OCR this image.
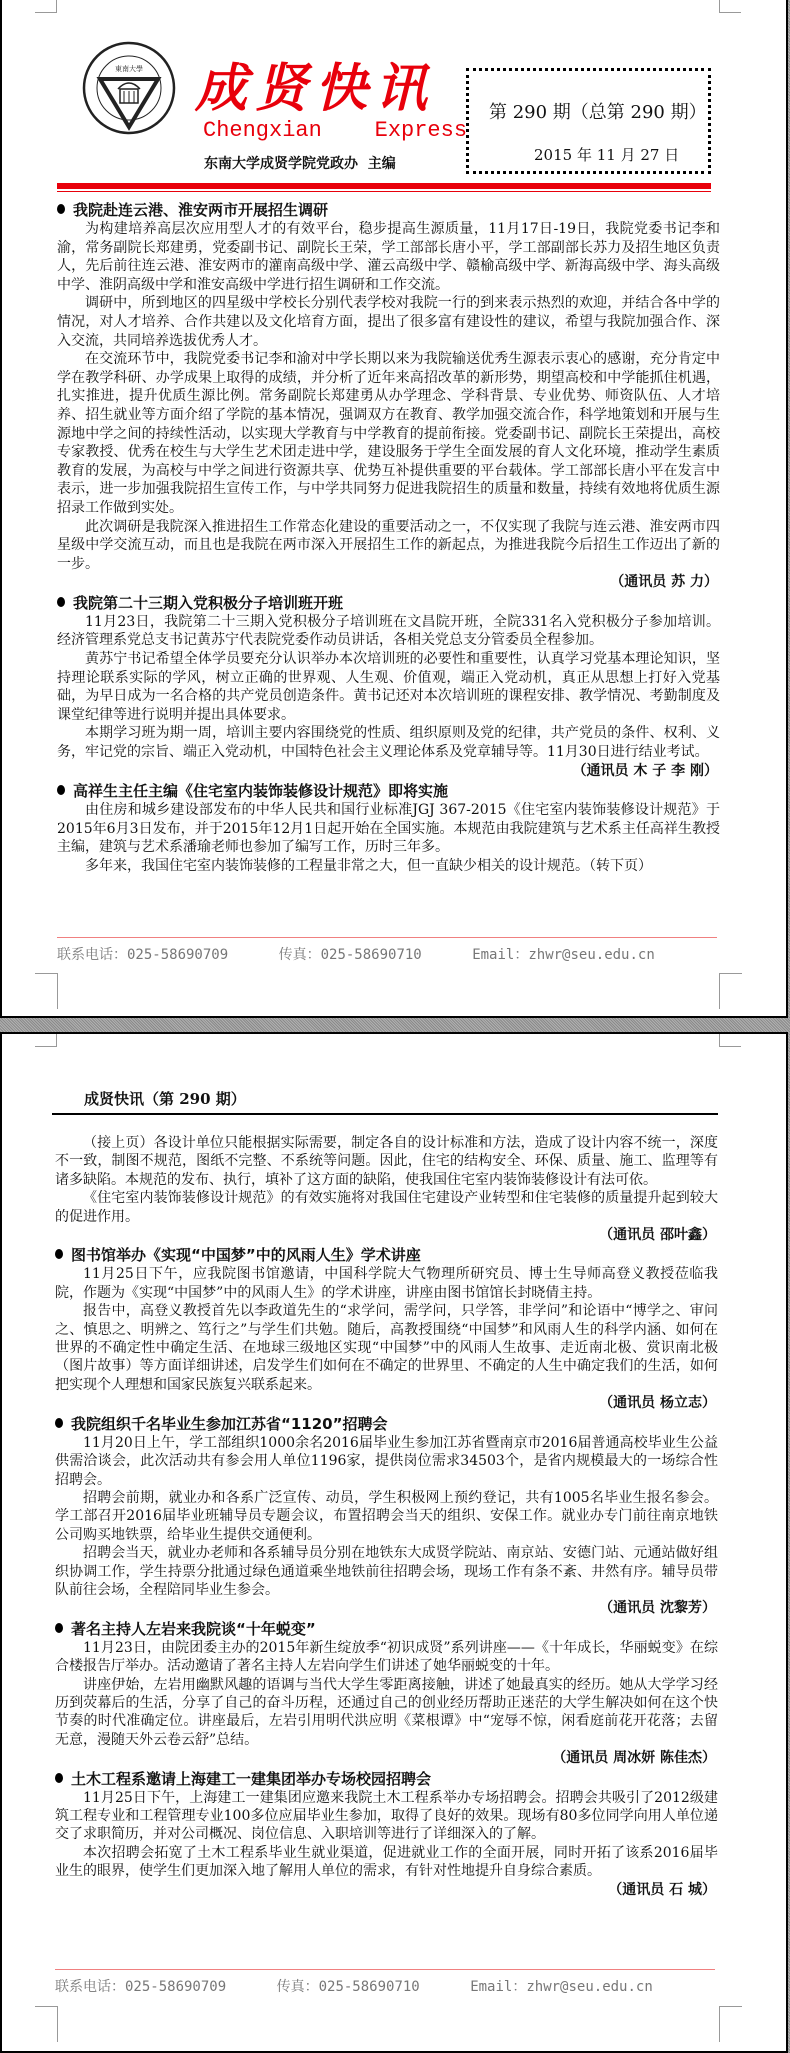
東南大學 成贤快讯
Chengxian    Express
东南大学成贤学院党政办  主编
第 290 期（总第 290 期）
2015 年 11 月 27 日
我院赴连云港、淮安两市开展招生调研

为构建培养高层次应用型人才的有效平台，稳步提高生源质量，11月17日-19日，我院党委书记李和渝，常务副院长郑建勇，党委副书记、副院长王荣，学工部部长唐小平，学工部副部长苏力及招生地区负责人，先后前往连云港、淮安两市的灌南高级中学、灌云高级中学、赣榆高级中学、新海高级中学、海头高级中学、淮阴高级中学和淮安高级中学进行招生调研和工作交流。

调研中，所到地区的四星级中学校长分别代表学校对我院一行的到来表示热烈的欢迎，并结合各中学的情况，对人才培养、合作共建以及文化培育方面，提出了很多富有建设性的建议，希望与我院加强合作、深入交流，共同培养选拔优秀人才。

在交流环节中，我院党委书记李和渝对中学长期以来为我院输送优秀生源表示衷心的感谢，充分肯定中学在教学科研、办学成果上取得的成绩，并分析了近年来高招改革的新形势，期望高校和中学能抓住机遇，扎实推进，提升优质生源比例。常务副院长郑建勇从办学理念、学科背景、专业优势、师资队伍、人才培养、招生就业等方面介绍了学院的基本情况，强调双方在教育、教学加强交流合作，科学地策划和开展与生源地中学之间的持续性活动，以实现大学教育与中学教育的提前衔接。党委副书记、副院长王荣提出，高校专家教授、优秀在校生与大学生艺术团走进中学，建设服务于学生全面发展的育人文化环境，推动学生素质教育的发展，为高校与中学之间进行资源共享、优势互补提供重要的平台载体。学工部部长唐小平在发言中表示，进一步加强我院招生宣传工作，与中学共同努力促进我院招生的质量和数量，持续有效地将优质生源招录工作做到实处。

此次调研是我院深入推进招生工作常态化建设的重要活动之一，不仅实现了我院与连云港、淮安两市四星级中学交流互动，而且也是我院在两市深入开展招生工作的新起点，为推进我院今后招生工作迈出了新的一步。

（通讯员 苏 力）
我院第二十三期入党积极分子培训班开班

11月23日，我院第二十三期入党积极分子培训班在文昌院开班，全院331名入党积极分子参加培训。经济管理系党总支书记黄苏宁代表院党委作动员讲话，各相关党总支分管委员全程参加。

黄苏宁书记希望全体学员要充分认识举办本次培训班的必要性和重要性，认真学习党基本理论知识，坚持理论联系实际的学风，树立正确的世界观、人生观、价值观，端正入党动机，真正从思想上打好入党基础，为早日成为一名合格的共产党员创造条件。黄书记还对本次培训班的课程安排、教学情况、考勤制度及课堂纪律等进行说明并提出具体要求。

本期学习班为期一周，培训主要内容围绕党的性质、组织原则及党的纪律，共产党员的条件、权利、义务，牢记党的宗旨、端正入党动机，中国特色社会主义理论体系及党章辅导等。11月30日进行结业考试。

（通讯员 木 子 李 刚）
高祥生主任主编《住宅室内装饰装修设计规范》即将实施

由住房和城乡建设部发布的中华人民共和国行业标准JGJ 367-2015《住宅室内装饰装修设计规范》于2015年6月3日发布，并于2015年12月1日起开始在全国实施。本规范由我院建筑与艺术系主任高祥生教授主编，建筑与艺术系潘瑜老师也参加了编写工作，历时三年多。

多年来，我国住宅室内装饰装修的工程量非常之大，但一直缺少相关的设计规范。（转下页）

联系电话：025-58690709	传真：025-58690710	Email：zhwr@seu.edu.cn
成贤快讯（第 290 期）

（接上页）各设计单位只能根据实际需要，制定各自的设计标准和方法，造成了设计内容不统一，深度不一致，制图不规范，图纸不完整、不系统等问题。因此，住宅的结构安全、环保、质量、施工、监理等有诸多缺陷。本规范的发布、执行，填补了这方面的缺陷，使我国住宅室内装饰装修设计有法可依。

《住宅室内装饰装修设计规范》的有效实施将对我国住宅建设产业转型和住宅装修的质量提升起到较大的促进作用。

（通讯员 邵叶鑫）
图书馆举办《实现“中国梦”中的风雨人生》学术讲座

11月25日下午，应我院图书馆邀请，中国科学院大气物理所研究员、博士生导师高登义教授莅临我院，作题为《实现“中国梦”中的风雨人生》的学术讲座，讲座由图书馆馆长封晓倩主持。

报告中，高登义教授首先以李政道先生的“求学问，需学问，只学答，非学问”和论语中“博学之、审问之、慎思之、明辨之、笃行之”与学生们共勉。随后，高教授围绕“中国梦”和风雨人生的科学内涵、如何在世界的不确定性中确定生活、在地球三级地区实现“中国梦”中的风雨人生故事、走近南北极、赏识南北极（图片故事）等方面详细讲述，启发学生们如何在不确定的世界里、不确定的人生中确定我们的生活，如何把实现个人理想和国家民族复兴联系起来。

（通讯员 杨立志）
我院组织千名毕业生参加江苏省“1120”招聘会

11月20日上午，学工部组织1000余名2016届毕业生参加江苏省暨南京市2016届普通高校毕业生公益供需洽谈会，此次活动共有参会用人单位1196家，提供岗位需求34503个，是省内规模最大的一场综合性招聘会。

招聘会前期，就业办和各系广泛宣传、动员，学生积极网上预约登记，共有1005名毕业生报名参会。学工部召开2016届毕业班辅导员专题会议，布置招聘会当天的组织、安保工作。就业办专门前往南京地铁公司购买地铁票，给毕业生提供交通便利。

招聘会当天，就业办老师和各系辅导员分别在地铁东大成贤学院站、南京站、安德门站、元通站做好组织协调工作，学生持票分批通过绿色通道乘坐地铁前往招聘会场，现场工作有条不紊、井然有序。辅导员带队前往会场，全程陪同毕业生参会。

（通讯员 沈黎芳）
著名主持人左岩来我院谈“十年蜕变”

11月23日，由院团委主办的2015年新生绽放季“初识成贤”系列讲座——《十年成长，华丽蜕变》在综合楼报告厅举办。活动邀请了著名主持人左岩向学生们讲述了她华丽蜕变的十年。

讲座伊始，左岩用幽默风趣的语调与当代大学生零距离接触，讲述了她最真实的经历。她从大学学习经历到荧幕后的生活，分享了自己的奋斗历程，还通过自己的创业经历帮助正迷茫的大学生解决如何在这个快节奏的时代准确定位。讲座最后，左岩引用明代洪应明《菜根谭》中“宠辱不惊，闲看庭前花开花落；去留无意，漫随天外云卷云舒”总结。

（通讯员 周冰妍 陈佳杰）
土木工程系邀请上海建工一建集团举办专场校园招聘会

11月25日下午，上海建工一建集团应邀来我院土木工程系举办专场招聘会。招聘会共吸引了2012级建筑工程专业和工程管理专业100多位应届毕业生参加，取得了良好的效果。现场有80多位同学向用人单位递交了求职简历，并对公司概况、岗位信息、入职培训等进行了详细深入的了解。

本次招聘会拓宽了土木工程系毕业生就业渠道，促进就业工作的全面开展，同时开拓了该系2016届毕业生的眼界，使学生们更加深入地了解用人单位的需求，有针对性地提升自身综合素质。

（通讯员 石 城）
联系电话：025-58690709	传真：025-58690710	Email：zhwr@seu.edu.cn
